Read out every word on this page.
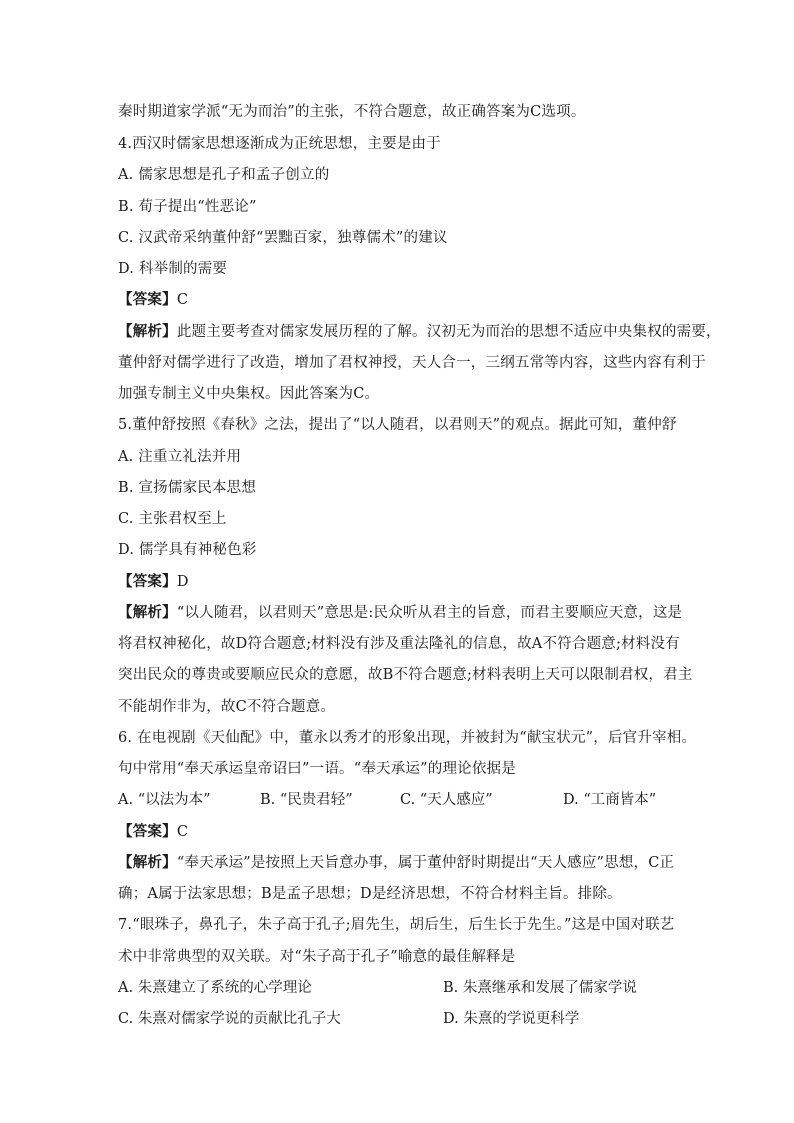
秦时期道家学派“无为而治”的主张，不符合题意，故正确答案为C选项。
4.西汉时儒家思想逐渐成为正统思想，主要是由于
A. 儒家思想是孔子和孟子创立的
B. 荀子提出“性恶论”
C. 汉武帝采纳董仲舒“罢黜百家，独尊儒术”的建议
D. 科举制的需要
【答案】C
【解析】此题主要考查对儒家发展历程的了解。汉初无为而治的思想不适应中央集权的需要，
董仲舒对儒学进行了改造，增加了君权神授，天人合一，三纲五常等内容，这些内容有利于
加强专制主义中央集权。因此答案为C。
5.董仲舒按照《春秋》之法，提出了“以人随君，以君则天”的观点。据此可知，董仲舒
A. 注重立礼法并用
B. 宣扬儒家民本思想
C. 主张君权至上
D. 儒学具有神秘色彩
【答案】D
【解析】“以人随君，以君则天”意思是:民众听从君主的旨意，而君主要顺应天意，这是
将君权神秘化，故D符合题意;材料没有涉及重法隆礼的信息，故A不符合题意;材料没有
突出民众的尊贵或要顺应民众的意愿，故B不符合题意;材料表明上天可以限制君权，君主
不能胡作非为，故C不符合题意。
6. 在电视剧《天仙配》中，董永以秀才的形象出现，并被封为“献宝状元”，后官升宰相。
句中常用“奉天承运皇帝诏曰”一语。“奉天承运”的理论依据是
A. “以法为本”	B. “民贵君轻”	C. “天人感应”	D. “工商皆本”
【答案】C
【解析】“奉天承运”是按照上天旨意办事，属于董仲舒时期提出“天人感应”思想，C正
确；A属于法家思想；B是孟子思想；D是经济思想，不符合材料主旨。排除。
7.“眼珠子，鼻孔子，朱子高于孔子;眉先生，胡后生，后生长于先生。”这是中国对联艺
术中非常典型的双关联。对“朱子高于孔子”喻意的最佳解释是
A. 朱熹建立了系统的心学理论	B. 朱熹继承和发展了儒家学说
C. 朱熹对儒家学说的贡献比孔子大	D. 朱熹的学说更科学
